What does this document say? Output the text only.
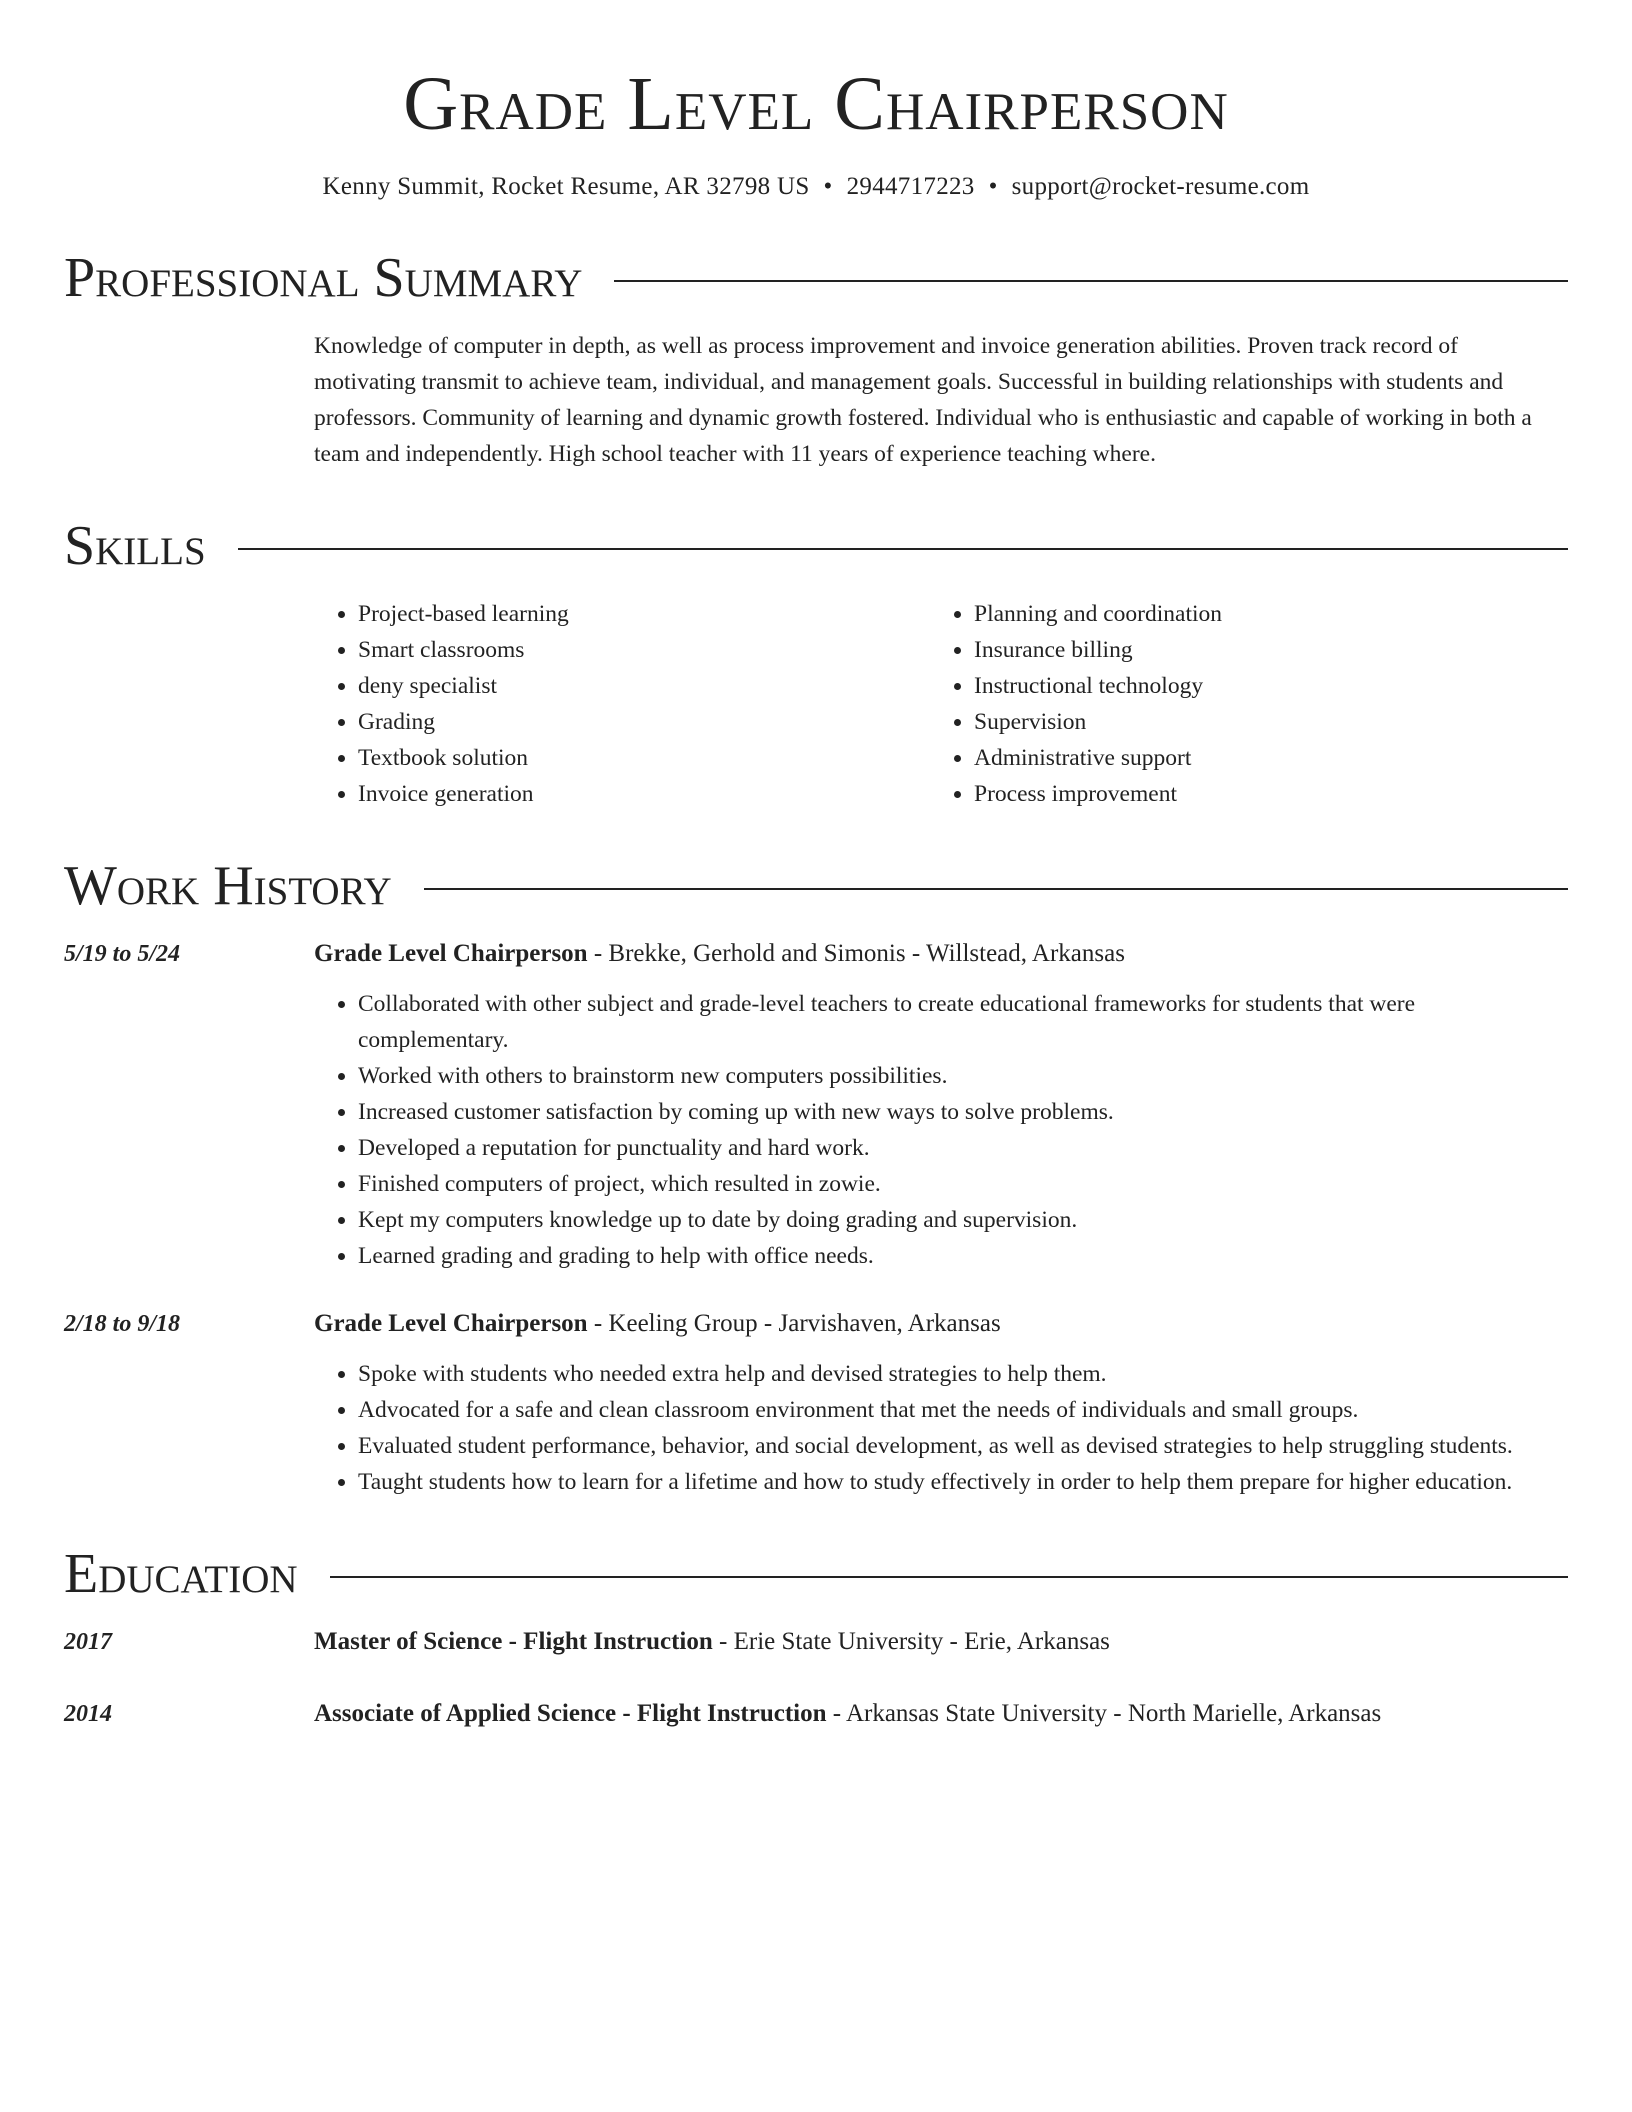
Grade Level Chairperson
Kenny Summit, Rocket Resume, AR 32798 US • 2944717223 • support@rocket-resume.com
Professional Summary
Knowledge of computer in depth, as well as process improvement and invoice generation abilities. Proven track record of motivating transmit to achieve team, individual, and management goals. Successful in building relationships with students and professors. Community of learning and dynamic growth fostered. Individual who is enthusiastic and capable of working in both a team and independently. High school teacher with 11 years of experience teaching where.
Skills
• Project-based learning
• Smart classrooms
• deny specialist
• Grading
• Textbook solution
• Invoice generation
• Planning and coordination
• Insurance billing
• Instructional technology
• Supervision
• Administrative support
• Process improvement
Work History
5/19 to 5/24	Grade Level Chairperson - Brekke, Gerhold and Simonis - Willstead, Arkansas
• Collaborated with other subject and grade-level teachers to create educational frameworks for students that were complementary.
• Worked with others to brainstorm new computers possibilities.
• Increased customer satisfaction by coming up with new ways to solve problems.
• Developed a reputation for punctuality and hard work.
• Finished computers of project, which resulted in zowie.
• Kept my computers knowledge up to date by doing grading and supervision.
• Learned grading and grading to help with office needs.
2/18 to 9/18	Grade Level Chairperson - Keeling Group - Jarvishaven, Arkansas
• Spoke with students who needed extra help and devised strategies to help them.
• Advocated for a safe and clean classroom environment that met the needs of individuals and small groups.
• Evaluated student performance, behavior, and social development, as well as devised strategies to help struggling students.
• Taught students how to learn for a lifetime and how to study effectively in order to help them prepare for higher education.
Education
2017	Master of Science - Flight Instruction - Erie State University - Erie, Arkansas
2014	Associate of Applied Science - Flight Instruction - Arkansas State University - North Marielle, Arkansas
